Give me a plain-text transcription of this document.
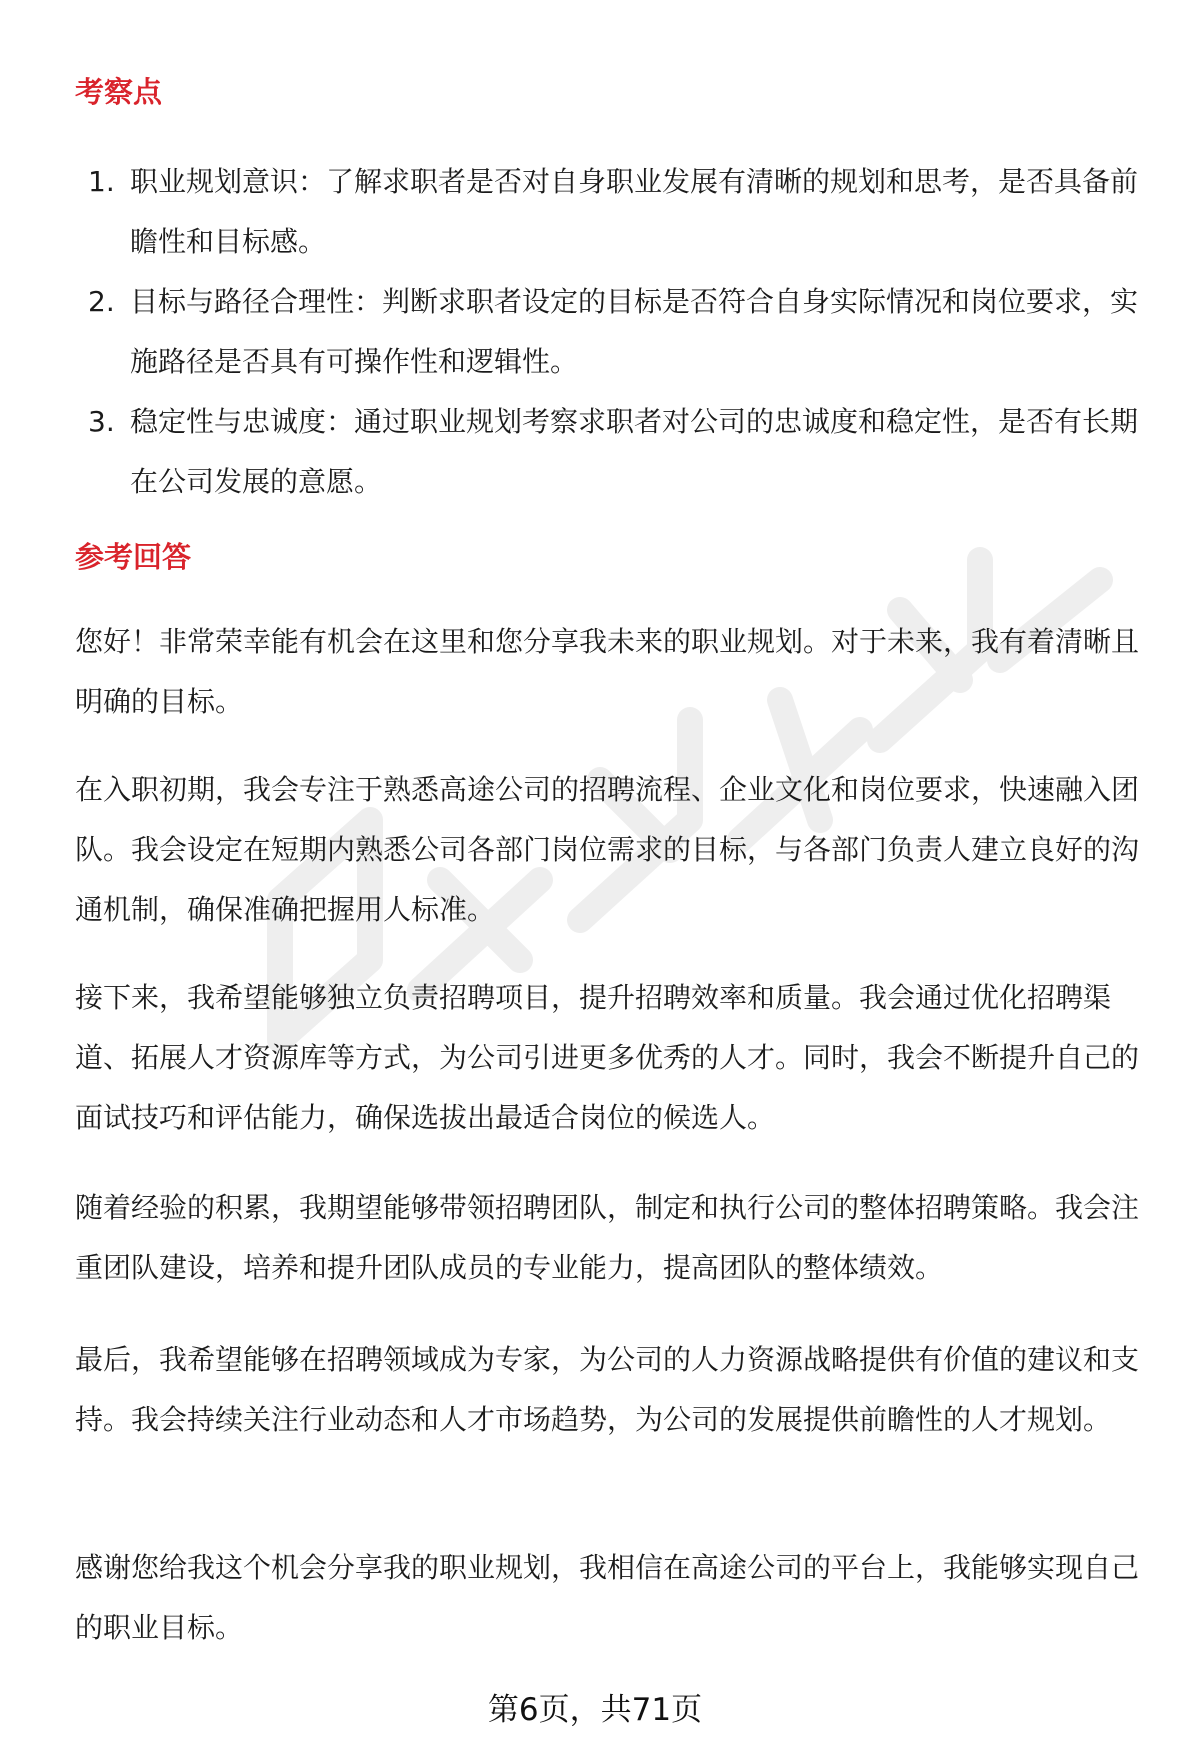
考察点
1. 职业规划意识：了解求职者是否对自身职业发展有清晰的规划和思考，是否具备前瞻性和目标感。
2. 目标与路径合理性：判断求职者设定的目标是否符合自身实际情况和岗位要求，实施路径是否具有可操作性和逻辑性。
3. 稳定性与忠诚度：通过职业规划考察求职者对公司的忠诚度和稳定性，是否有长期在公司发展的意愿。
参考回答

您好！非常荣幸能有机会在这里和您分享我未来的职业规划。对于未来，我有着清晰且明确的目标。

在入职初期，我会专注于熟悉高途公司的招聘流程、企业文化和岗位要求，快速融入团队。我会设定在短期内熟悉公司各部门岗位需求的目标，与各部门负责人建立良好的沟通机制，确保准确把握用人标准。

接下来，我希望能够独立负责招聘项目，提升招聘效率和质量。我会通过优化招聘渠道、拓展人才资源库等方式，为公司引进更多优秀的人才。同时，我会不断提升自己的面试技巧和评估能力，确保选拔出最适合岗位的候选人。

随着经验的积累，我期望能够带领招聘团队，制定和执行公司的整体招聘策略。我会注重团队建设，培养和提升团队成员的专业能力，提高团队的整体绩效。

最后，我希望能够在招聘领域成为专家，为公司的人力资源战略提供有价值的建议和支持。我会持续关注行业动态和人才市场趋势，为公司的发展提供前瞻性的人才规划。

感谢您给我这个机会分享我的职业规划，我相信在高途公司的平台上，我能够实现自己的职业目标。

第6页，共71页
